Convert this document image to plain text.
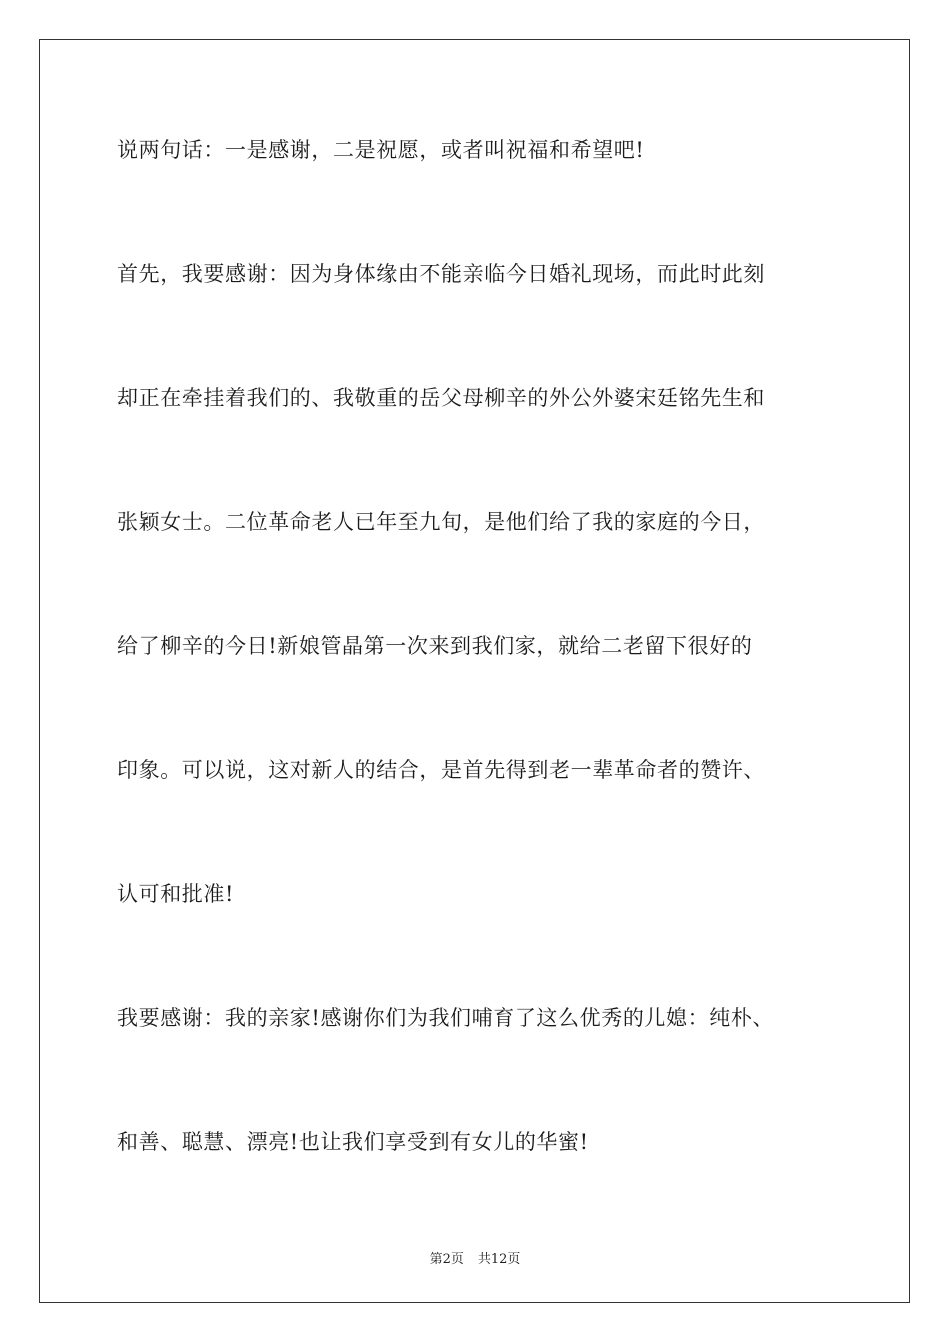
说两句话：一是感谢，二是祝愿，或者叫祝福和希望吧!
首先，我要感谢：因为身体缘由不能亲临今日婚礼现场，而此时此刻
却正在牵挂着我们的、我敬重的岳父母柳辛的外公外婆宋廷铭先生和
张颖女士。二位革命老人已年至九旬，是他们给了我的家庭的今日，
给了柳辛的今日!新娘管晶第一次来到我们家，就给二老留下很好的
印象。可以说，这对新人的结合，是首先得到老一辈革命者的赞许、
认可和批准!
我要感谢：我的亲家!感谢你们为我们哺育了这么优秀的儿媳：纯朴、
和善、聪慧、漂亮!也让我们享受到有女儿的华蜜!
第2页 共12页
